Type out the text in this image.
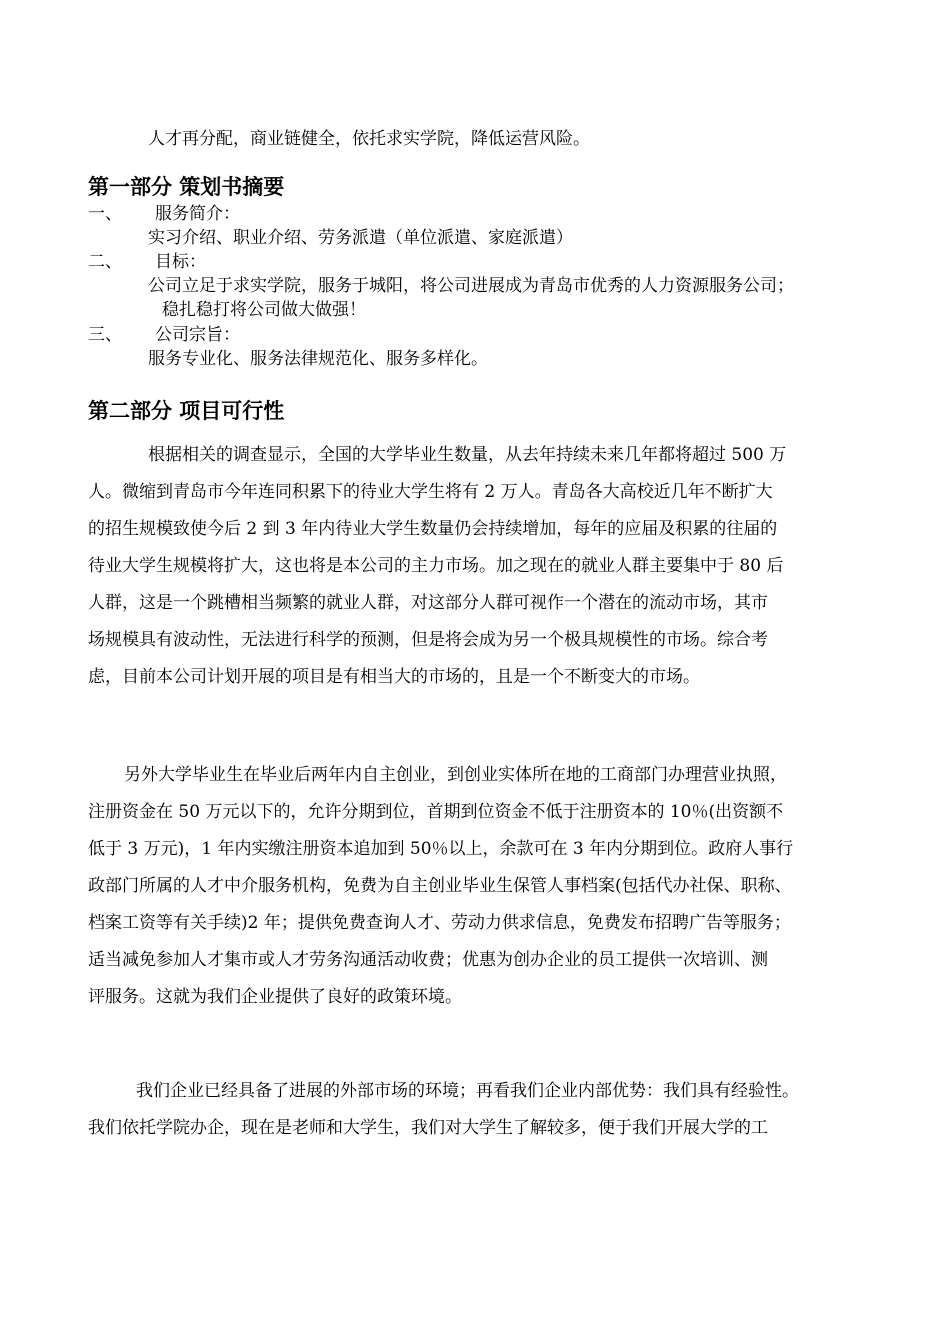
人才再分配，商业链健全，依托求实学院，降低运营风险。
第一部分 策划书摘要
一、 服务简介：
实习介绍、职业介绍、劳务派遣（单位派遣、家庭派遣）
二、 目标：
公司立足于求实学院，服务于城阳，将公司进展成为青岛市优秀的人力资源服务公司；
稳扎稳打将公司做大做强！
三、 公司宗旨：
服务专业化、服务法律规范化、服务多样化。
第二部分 项目可行性
根据相关的调查显示，全国的大学毕业生数量，从去年持续未来几年都将超过 500 万
人。微缩到青岛市今年连同积累下的待业大学生将有 2 万人。青岛各大高校近几年不断扩大
的招生规模致使今后 2 到 3 年内待业大学生数量仍会持续增加，每年的应届及积累的往届的
待业大学生规模将扩大，这也将是本公司的主力市场。加之现在的就业人群主要集中于 80 后
人群，这是一个跳槽相当频繁的就业人群，对这部分人群可视作一个潜在的流动市场，其市
场规模具有波动性，无法进行科学的预测，但是将会成为另一个极具规模性的市场。综合考
虑，目前本公司计划开展的项目是有相当大的市场的，且是一个不断变大的市场。
另外大学毕业生在毕业后两年内自主创业，到创业实体所在地的工商部门办理营业执照，
注册资金在 50 万元以下的，允许分期到位，首期到位资金不低于注册资本的 10％(出资额不
低于 3 万元)，1 年内实缴注册资本追加到 50％以上，余款可在 3 年内分期到位。政府人事行
政部门所属的人才中介服务机构，免费为自主创业毕业生保管人事档案(包括代办社保、职称、
档案工资等有关手续)2 年；提供免费查询人才、劳动力供求信息，免费发布招聘广告等服务；
适当减免参加人才集市或人才劳务沟通活动收费；优惠为创办企业的员工提供一次培训、测
评服务。这就为我们企业提供了良好的政策环境。
我们企业已经具备了进展的外部市场的环境；再看我们企业内部优势：我们具有经验性。
我们依托学院办企，现在是老师和大学生，我们对大学生了解较多，便于我们开展大学的工
